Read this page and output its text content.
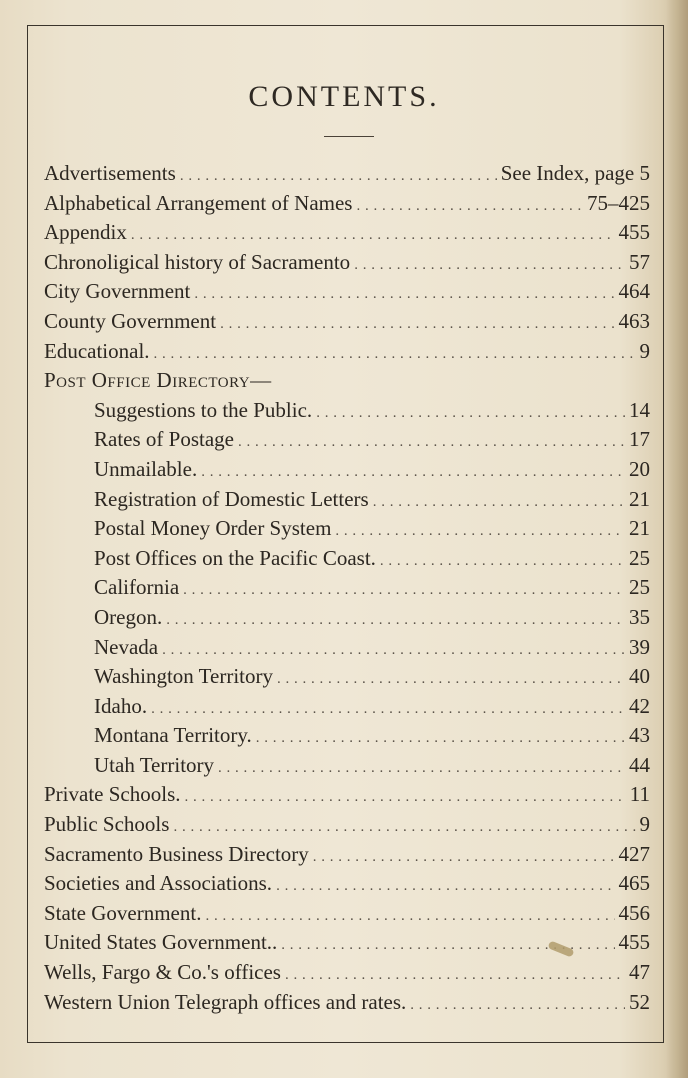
CONTENTS.
Advertisements . . .	See Index, page 5
Alphabetical Arrangement of Names . . .	75–425
Appendix . . .	455
Chronoligical history of Sacramento . . .	57
City Government . . .	464
County Government . . .	463
Educational. . . .	9
Post Office Directory—
Suggestions to the Public. . . .	14
Rates of Postage . . .	17
Unmailable. . . .	20
Registration of Domestic Letters . . .	21
Postal Money Order System . . .	21
Post Offices on the Pacific Coast. . . .	25
California . . .	25
Oregon. . . .	35
Nevada . . .	39
Washington Territory . . .	40
Idaho. . . .	42
Montana Territory. . . .	43
Utah Territory . . .	44
Private Schools. . . .	11
Public Schools . . .	9
Sacramento Business Directory . . .	427
Societies and Associations. . . .	465
State Government. . . .	456
United States Government.. . . .	455
Wells, Fargo & Co.'s offices . . .	47
Western Union Telegraph offices and rates. . . .	52
